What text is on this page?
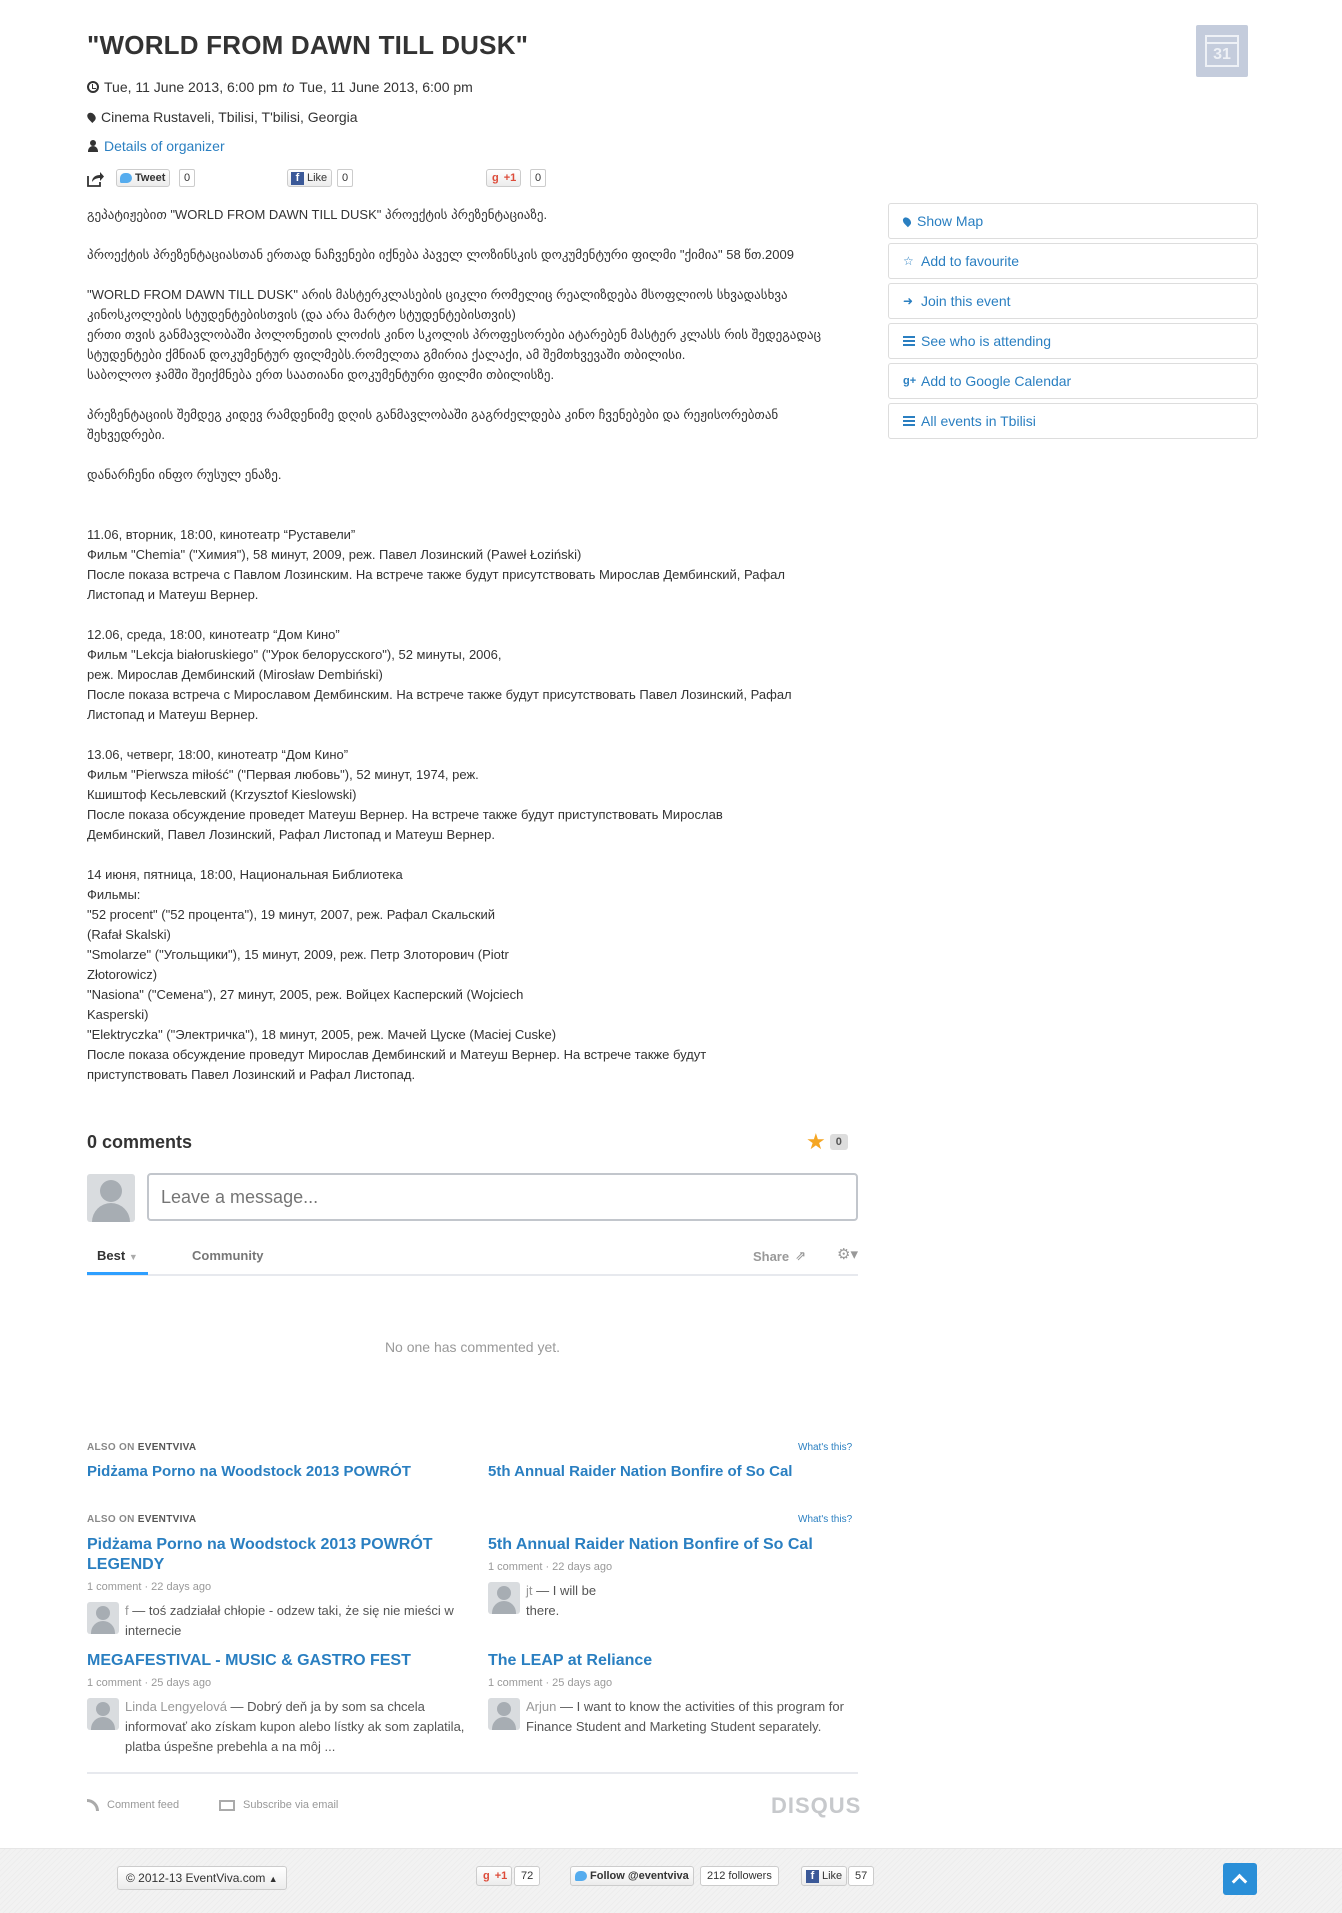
"WORLD FROM DAWN TILL DUSK"	31
Tue, 11 June 2013, 6:00 pm to Tue, 11 June 2013, 6:00 pm
Cinema Rustaveli, Tbilisi, T'bilisi, Georgia
Details of organizer
Tweet	0	f Like	0	g +1	0

გეპატიჟებით "WORLD FROM DAWN TILL DUSK" პროექტის პრეზენტაციაზე.

პროექტის პრეზენტაციასთან ერთად ნაჩვენები იქნება პაველ ლოზინსკის დოკუმენტური ფილმი "ქიმია" 58 წთ.2009

"WORLD FROM DAWN TILL DUSK" არის მასტერკლასების ციკლი რომელიც რეალიზდება მსოფლიოს სხვადასხვა
კინოსკოლების სტუდენტებისთვის (და არა მარტო სტუდენტებისთვის)
ერთი თვის განმავლობაში პოლონეთის ლოძის კინო სკოლის პროფესორები ატარებენ მასტერ კლასს რის შედეგადაც
სტუდენტები ქმნიან დოკუმენტურ ფილმებს.რომელთა გმირია ქალაქი, ამ შემთხვევაში თბილისი.
საბოლოო ჯამში შეიქმნება ერთ საათიანი დოკუმენტური ფილმი თბილისზე.

პრეზენტაციის შემდეგ კიდევ რამდენიმე დღის განმავლობაში გაგრძელდება კინო ჩვენებები და რეჟისორებთან
შეხვედრები.

დანარჩენი ინფო რუსულ ენაზე.

11.06, вторник, 18:00, кинотеатр “Руставели”
Фильм "Chemia" ("Химия"), 58 минут, 2009, реж. Павел Лозинский (Paweł Łoziński)
После показа встреча с Павлом Лозинским. На встрече также будут присутствовать Мирослав Дембинский, Рафал
Листопад и Матеуш Вернер.

12.06, среда, 18:00, кинотеатр “Дом Кино”
Фильм "Lekcja białoruskiego" ("Урок белорусского"), 52 минуты, 2006,
реж. Мирослав Дембинский (Mirosław Dembiński)
После показа встреча с Мирославом Дембинским. На встрече также будут присутствовать Павел Лозинский, Рафал
Листопад и Матеуш Вернер.

13.06, четверг, 18:00, кинотеатр “Дом Кино”
Фильм "Pierwsza miłość" ("Первая любовь"), 52 минут, 1974, реж.
Кшиштоф Кесьлевский (Krzysztof Kieslowski)
После показа обсуждение проведет Матеуш Вернер. На встрече также будут приступствовать Мирослав
Дембинский, Павел Лозинский, Рафал Листопад и Матеуш Вернер.

14 июня, пятница, 18:00, Национальная Библиотека
Фильмы:
"52 procent" ("52 процента"), 19 минут, 2007, реж. Рафал Скальский
(Rafał Skalski)
"Smolarze" ("Угольщики"), 15 минут, 2009, реж. Петр Злоторович (Piotr
Złotorowicz)
"Nasiona" ("Семена"), 27 минут, 2005, реж. Войцех Касперский (Wojciech
Kasperski)
"Elektryczka" ("Электричка"), 18 минут, 2005, реж. Мачей Цуске (Maciej Cuske)
После показа обсуждение проведут Мирослав Дембинский и Матеуш Вернер. На встрече также будут
приступствовать Павел Лозинский и Рафал Листопад.

Show Map
☆ Add to favourite
➜ Join this event
See who is attending
g+ Add to Google Calendar
All events in Tbilisi
0 comments	★ 0
Leave a message...
Best ▼	Community	Share ⇗ ⚙▾
No one has commented yet.
ALSO ON EVENTVIVA	What's this?
Pidżama Porno na Woodstock 2013 POWRÓT	5th Annual Raider Nation Bonfire of So Cal
ALSO ON EVENTVIVA	What's this?
Pidżama Porno na Woodstock 2013 POWRÓT LEGENDY
1 comment · 22 days ago
f — toś zadziałał chłopie - odzew taki, że się nie mieści w internecie
5th Annual Raider Nation Bonfire of So Cal
1 comment · 22 days ago
jt — I will be there.
MEGAFESTIVAL - MUSIC & GASTRO FEST
1 comment · 25 days ago
Linda Lengyelová — Dobrý deň ja by som sa chcela informovať ako získam kupon alebo lístky ak som zaplatila, platba úspešne prebehla a na môj ...
The LEAP at Reliance
1 comment · 25 days ago
Arjun — I want to know the activities of this program for Finance Student and Marketing Student separately.
Comment feed	Subscribe via email	DISQUS
© 2012-13 EventViva.com ▲	g +1	72	Follow @eventviva	212 followers	f Like	57
